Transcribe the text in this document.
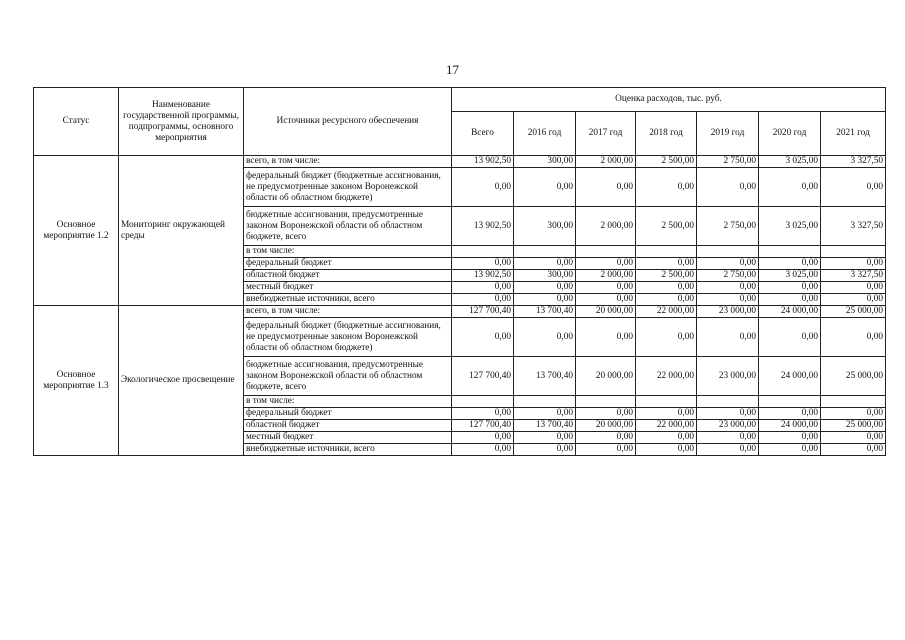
17
Статус	Наименование государственной программы, подпрограммы, основного мероприятия	Источники ресурсного обеспечения	Оценка расходов, тыс. руб.						
			Всего	2016 год	2017 год	2018 год	2019 год	2020 год	2021 год
Основное мероприятие 1.2	Мониторинг окружающей среды	всего, в том числе:	13 902,50	300,00	2 000,00	2 500,00	2 750,00	3 025,00	3 327,50
		федеральный бюджет (бюджетные ассигнования, не предусмотренные законом Воронежской области об областном бюджете)	0,00	0,00	0,00	0,00	0,00	0,00	0,00
		бюджетные ассигнования, предусмотренные законом Воронежской области об областном бюджете, всего	13 902,50	300,00	2 000,00	2 500,00	2 750,00	3 025,00	3 327,50
		в том числе:							
		федеральный бюджет	0,00	0,00	0,00	0,00	0,00	0,00	0,00
		областной бюджет	13 902,50	300,00	2 000,00	2 500,00	2 750,00	3 025,00	3 327,50
		местный бюджет	0,00	0,00	0,00	0,00	0,00	0,00	0,00
		внебюджетные источники, всего	0,00	0,00	0,00	0,00	0,00	0,00	0,00
Основное мероприятие 1.3	Экологическое просвещение	всего, в том числе:	127 700,40	13 700,40	20 000,00	22 000,00	23 000,00	24 000,00	25 000,00
		федеральный бюджет (бюджетные ассигнования, не предусмотренные законом Воронежской области об областном бюджете)	0,00	0,00	0,00	0,00	0,00	0,00	0,00
		бюджетные ассигнования, предусмотренные законом Воронежской области об областном бюджете, всего	127 700,40	13 700,40	20 000,00	22 000,00	23 000,00	24 000,00	25 000,00
		в том числе:							
		федеральный бюджет	0,00	0,00	0,00	0,00	0,00	0,00	0,00
		областной бюджет	127 700,40	13 700,40	20 000,00	22 000,00	23 000,00	24 000,00	25 000,00
		местный бюджет	0,00	0,00	0,00	0,00	0,00	0,00	0,00
		внебюджетные источники, всего	0,00	0,00	0,00	0,00	0,00	0,00	0,00
